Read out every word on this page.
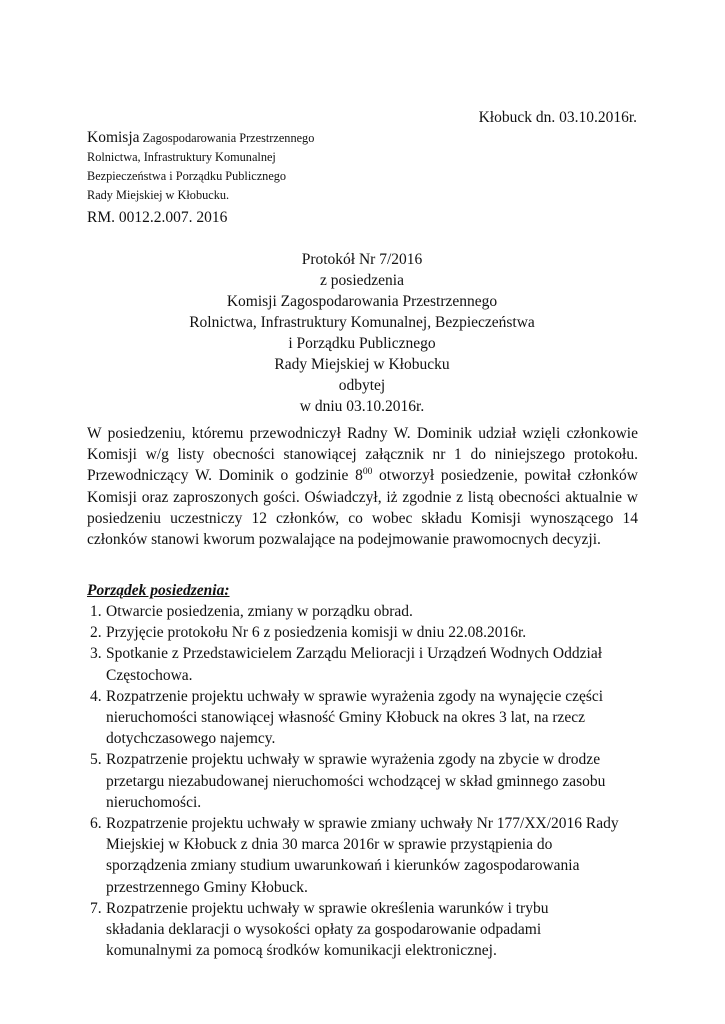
Kłobuck dn. 03.10.2016r.
Komisja Zagospodarowania Przestrzennego
Rolnictwa, Infrastruktury Komunalnej
Bezpieczeństwa i Porządku Publicznego
Rady Miejskiej w Kłobucku.
RM. 0012.2.007. 2016
Protokół Nr 7/2016
z posiedzenia
Komisji Zagospodarowania Przestrzennego
Rolnictwa, Infrastruktury Komunalnej, Bezpieczeństwa
i Porządku Publicznego
Rady Miejskiej w Kłobucku
odbytej
w dniu 03.10.2016r.

W posiedzeniu, któremu przewodniczył Radny W. Dominik udział wzięli członkowie Komisji w/g listy obecności stanowiącej załącznik nr 1 do niniejszego protokołu. Przewodniczący W. Dominik o godzinie $8^{00}$ otworzył posiedzenie, powitał członków Komisji oraz zaproszonych gości. Oświadczył, iż zgodnie z listą obecności aktualnie w posiedzeniu uczestniczy 12 członków, co wobec składu Komisji wynoszącego 14 członków stanowi kworum pozwalające na podejmowanie prawomocnych decyzji.

Porządek posiedzenia:
1. Otwarcie posiedzenia, zmiany w porządku obrad.
2. Przyjęcie protokołu Nr 6 z posiedzenia komisji w dniu 22.08.2016r.
3. Spotkanie z Przedstawicielem Zarządu Melioracji i Urządzeń Wodnych Oddział
Częstochowa.
4. Rozpatrzenie projektu uchwały w sprawie wyrażenia zgody na wynajęcie części
nieruchomości stanowiącej własność Gminy Kłobuck na okres 3 lat, na rzecz
dotychczasowego najemcy.
5. Rozpatrzenie projektu uchwały w sprawie wyrażenia zgody na zbycie w drodze
przetargu niezabudowanej nieruchomości wchodzącej w skład gminnego zasobu
nieruchomości.
6. Rozpatrzenie projektu uchwały w sprawie zmiany uchwały Nr 177/XX/2016 Rady
Miejskiej w Kłobuck z dnia 30 marca 2016r w sprawie przystąpienia do
sporządzenia zmiany studium uwarunkowań i kierunków zagospodarowania
przestrzennego Gminy Kłobuck.
7. Rozpatrzenie projektu uchwały w sprawie określenia warunków i trybu
składania deklaracji o wysokości opłaty za gospodarowanie odpadami
komunalnymi za pomocą środków komunikacji elektronicznej.
